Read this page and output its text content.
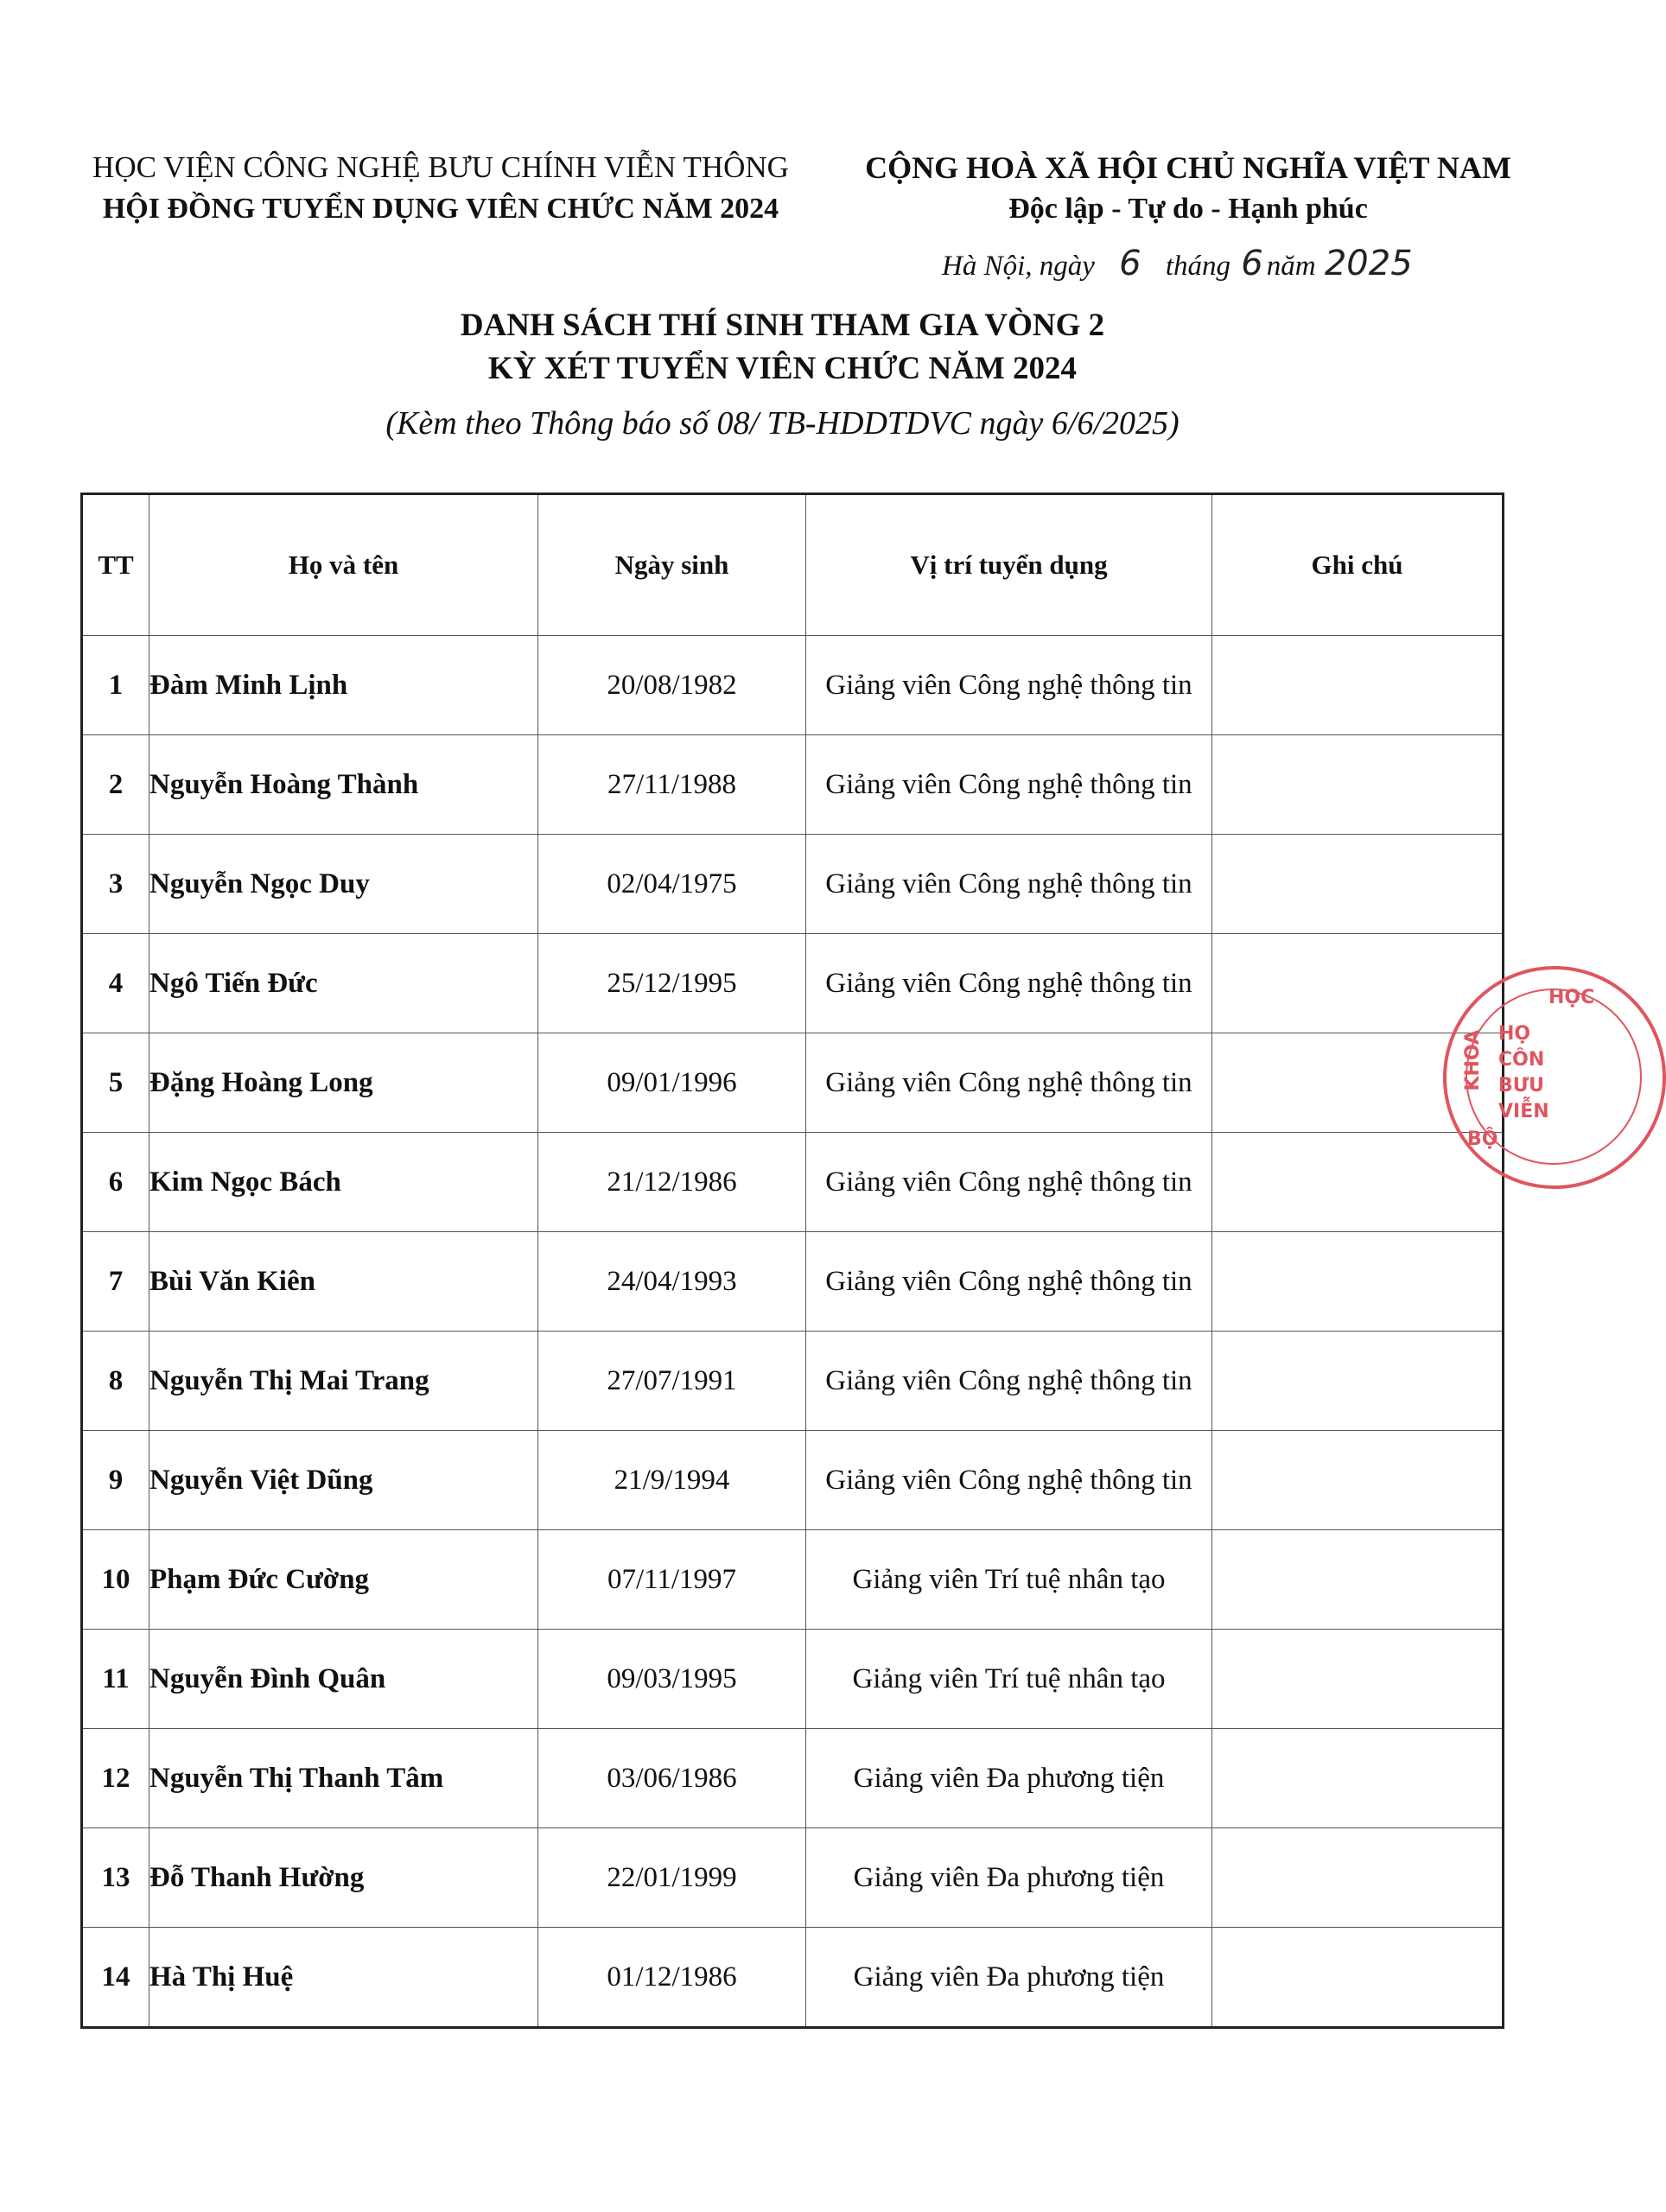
HỌC VIỆN CÔNG NGHỆ BƯU CHÍNH VIỄN THÔNG
HỘI ĐỒNG TUYỂN DỤNG VIÊN CHỨC NĂM 2024
CỘNG HOÀ XÃ HỘI CHỦ NGHĨA VIỆT NAM
Độc lập - Tự do - Hạnh phúc
Hà Nội, ngày 6 tháng 6 năm 2025
DANH SÁCH THÍ SINH THAM GIA VÒNG 2
KỲ XÉT TUYỂN VIÊN CHỨC NĂM 2024
(Kèm theo Thông báo số 08/ TB-HDDTDVC ngày 6/6/2025)
TT	Họ và tên	Ngày sinh	Vị trí tuyển dụng	Ghi chú
1	Đàm Minh Lịnh	20/08/1982	Giảng viên Công nghệ thông tin	
2	Nguyễn Hoàng Thành	27/11/1988	Giảng viên Công nghệ thông tin	
3	Nguyễn Ngọc Duy	02/04/1975	Giảng viên Công nghệ thông tin	
4	Ngô Tiến Đức	25/12/1995	Giảng viên Công nghệ thông tin	
5	Đặng Hoàng Long	09/01/1996	Giảng viên Công nghệ thông tin	
6	Kim Ngọc Bách	21/12/1986	Giảng viên Công nghệ thông tin	
7	Bùi Văn Kiên	24/04/1993	Giảng viên Công nghệ thông tin	
8	Nguyễn Thị Mai Trang	27/07/1991	Giảng viên Công nghệ thông tin	
9	Nguyễn Việt Dũng	21/9/1994	Giảng viên Công nghệ thông tin	
10	Phạm Đức Cường	07/11/1997	Giảng viên Trí tuệ nhân tạo	
11	Nguyễn Đình Quân	09/03/1995	Giảng viên Trí tuệ nhân tạo	
12	Nguyễn Thị Thanh Tâm	03/06/1986	Giảng viên Đa phương tiện	
13	Đỗ Thanh Hường	22/01/1999	Giảng viên Đa phương tiện	
14	Hà Thị Huệ	01/12/1986	Giảng viên Đa phương tiện	
HỌC
HỌ
CÔN
BƯU
VIỄN
KHOA
BỘ
